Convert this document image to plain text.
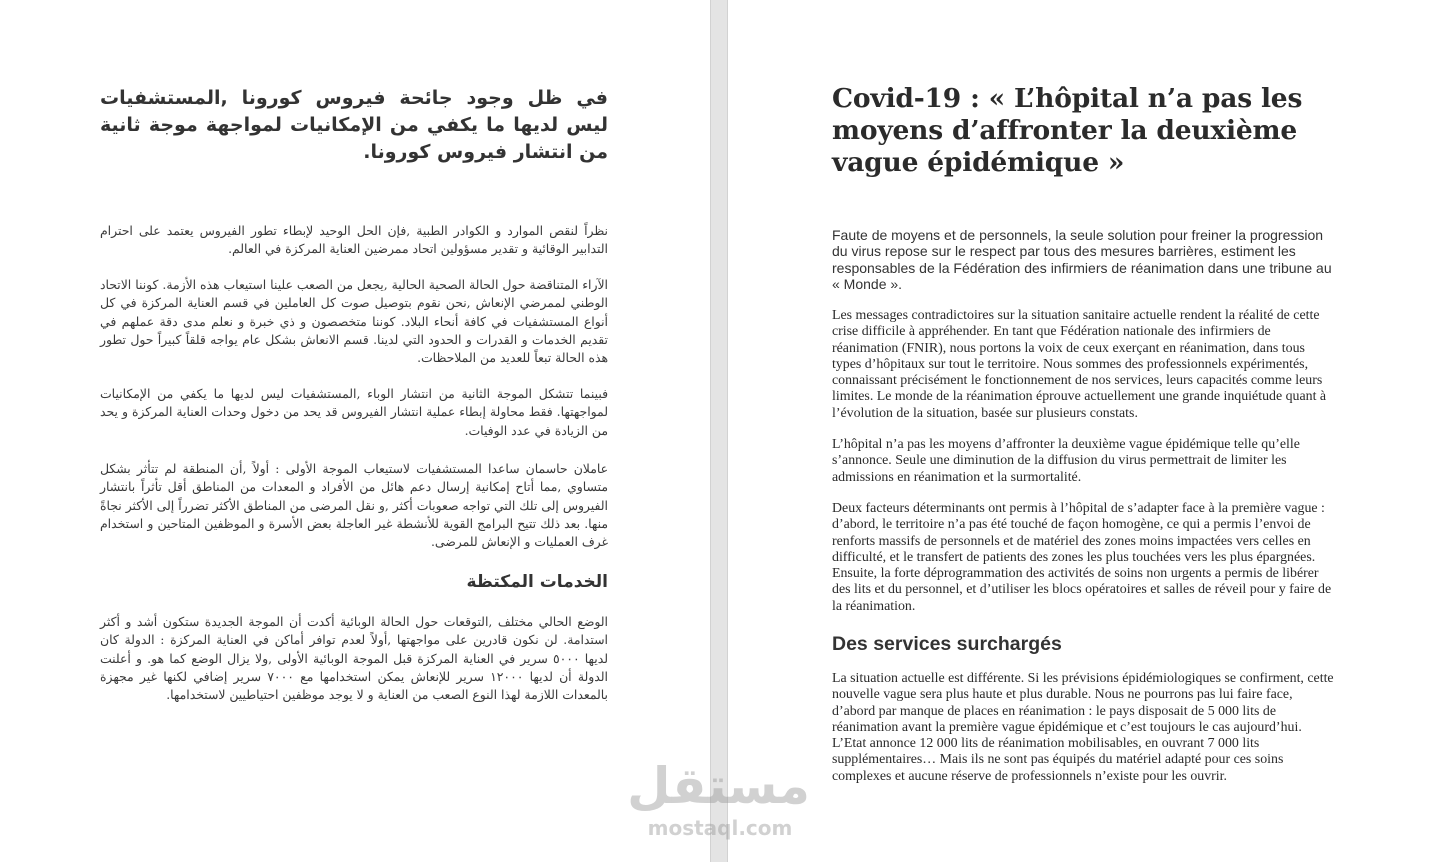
في ظل وجود جائحة فيروس كورونا ,المستشفيات ليس لديها ما يكفي من الإمكانيات لمواجهة موجة ثانية من انتشار فيروس كورونا.

نظراً لنقص الموارد و الكوادر الطبية ,فإن الحل الوحيد لإبطاء تطور الفيروس يعتمد على احترام التدابير الوقائية و تقدير مسؤولين اتحاد ممرضين العناية المركزة في العالم.

الآراء المتناقضة حول الحالة الصحية الحالية ,يجعل من الصعب علينا استيعاب هذه الأزمة. كوننا الاتحاد الوطني لممرضي الإنعاش ,نحن نقوم بتوصيل صوت كل العاملين في قسم العناية المركزة في كل أنواع المستشفيات في كافة أنحاء البلاد. كوننا متخصصون و ذي خبرة و نعلم مدى دقة عملهم في تقديم الخدمات و القدرات و الحدود التي لدينا. قسم الانعاش بشكل عام يواجه قلقاً كبيراً حول تطور هذه الحالة تبعاً للعديد من الملاحظات.

فبينما تتشكل الموجة الثانية من انتشار الوباء ,المستشفيات ليس لديها ما يكفي من الإمكانيات لمواجهتها. فقط محاولة إبطاء عملية انتشار الفيروس قد يحد من دخول وحدات العناية المركزة و يحد من الزيادة في عدد الوفيات.

عاملان حاسمان ساعدا المستشفيات لاستيعاب الموجة الأولى : أولاً ,أن المنطقة لم تتأثر بشكل متساوي ,مما أتاح إمكانية إرسال دعم هائل من الأفراد و المعدات من المناطق أقل تأثراً بانتشار الفيروس إلى تلك التي تواجه صعوبات أكثر ,و نقل المرضى من المناطق الأكثر تضرراً إلى الأكثر نجاةً منها. بعد ذلك تتيح البرامج القوية للأنشطة غير العاجلة بعض الأسرة و الموظفين المتاحين و استخدام غرف العمليات و الإنعاش للمرضى.

الخدمات المكتظة

الوضع الحالي مختلف ,التوقعات حول الحالة الوبائية أكدت أن الموجة الجديدة ستكون أشد و أكثر استدامة. لن نكون قادرين على مواجهتها ,أولاً لعدم توافر أماكن في العناية المركزة : الدولة كان لديها ٥٠٠٠ سرير في العناية المركزة قبل الموجة الوبائية الأولى ,ولا يزال الوضع كما هو. و أعلنت الدولة أن لديها ١٢٠٠٠ سرير للإنعاش يمكن استخدامها مع ٧٠٠٠ سرير إضافي لكنها غير مجهزة بالمعدات اللازمة لهذا النوع الصعب من العناية و لا يوجد موظفين احتياطيين لاستخدامها.

Covid-19 : « L’hôpital n’a pas les moyens d’affronter la deuxième vague épidémique »

Faute de moyens et de personnels, la seule solution pour freiner la progression du virus repose sur le respect par tous des mesures barrières, estiment les responsables de la Fédération des infirmiers de réanimation dans une tribune au « Monde ».

Les messages contradictoires sur la situation sanitaire actuelle rendent la réalité de cette crise difficile à appréhender. En tant que Fédération nationale des infirmiers de réanimation (FNIR), nous portons la voix de ceux exerçant en réanimation, dans tous types d’hôpitaux sur tout le territoire. Nous sommes des professionnels expérimentés, connaissant précisément le fonctionnement de nos services, leurs capacités comme leurs limites. Le monde de la réanimation éprouve actuellement une grande inquiétude quant à l’évolution de la situation, basée sur plusieurs constats.

L’hôpital n’a pas les moyens d’affronter la deuxième vague épidémique telle qu’elle s’annonce. Seule une diminution de la diffusion du virus permettrait de limiter les admissions en réanimation et la surmortalité.

Deux facteurs déterminants ont permis à l’hôpital de s’adapter face à la première vague : d’abord, le territoire n’a pas été touché de façon homogène, ce qui a permis l’envoi de renforts massifs de personnels et de matériel des zones moins impactées vers celles en difficulté, et le transfert de patients des zones les plus touchées vers les plus épargnées. Ensuite, la forte déprogrammation des activités de soins non urgents a permis de libérer des lits et du personnel, et d’utiliser les blocs opératoires et salles de réveil pour y faire de la réanimation.

Des services surchargés

La situation actuelle est différente. Si les prévisions épidémiologiques se confirment, cette nouvelle vague sera plus haute et plus durable. Nous ne pourrons pas lui faire face, d’abord par manque de places en réanimation : le pays disposait de 5 000 lits de réanimation avant la première vague épidémique et c’est toujours le cas aujourd’hui. L’Etat annonce 12 000 lits de réanimation mobilisables, en ouvrant 7 000 lits supplémentaires… Mais ils ne sont pas équipés du matériel adapté pour ces soins complexes et aucune réserve de professionnels n’existe pour les ouvrir.

مستقل
mostaql.com
